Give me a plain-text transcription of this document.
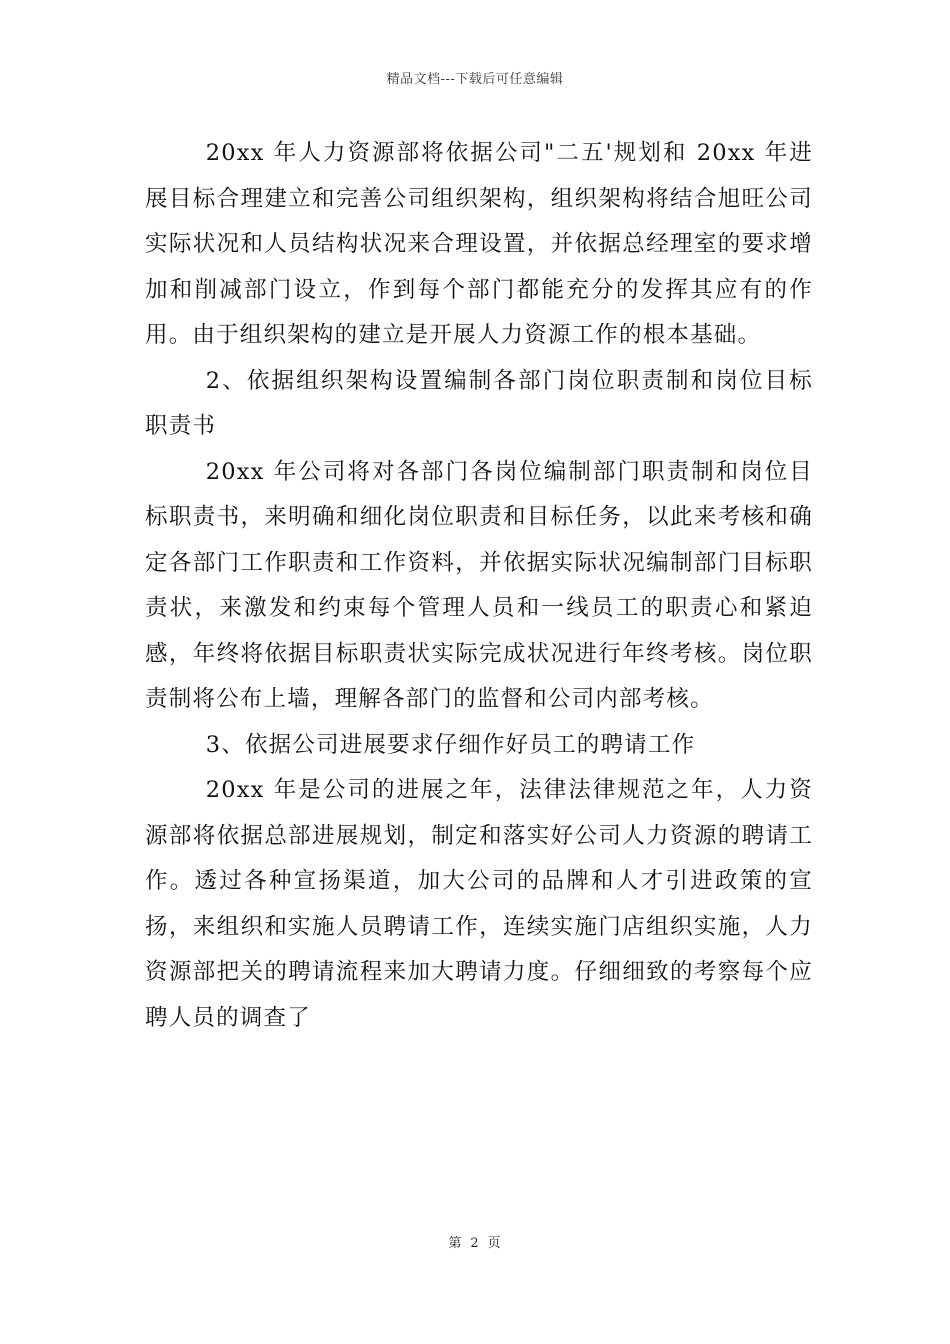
精品文档---下载后可任意编辑

20xx 年人力资源部将依据公司"二五'规划和 20xx 年进展目标合理建立和完善公司组织架构，组织架构将结合旭旺公司实际状况和人员结构状况来合理设置，并依据总经理室的要求增加和削减部门设立，作到每个部门都能充分的发挥其应有的作用。由于组织架构的建立是开展人力资源工作的根本基础。

2、依据组织架构设置编制各部门岗位职责制和岗位目标职责书

20xx 年公司将对各部门各岗位编制部门职责制和岗位目标职责书，来明确和细化岗位职责和目标任务，以此来考核和确定各部门工作职责和工作资料，并依据实际状况编制部门目标职责状，来激发和约束每个管理人员和一线员工的职责心和紧迫感，年终将依据目标职责状实际完成状况进行年终考核。岗位职责制将公布上墙，理解各部门的监督和公司内部考核。

3、依据公司进展要求仔细作好员工的聘请工作

20xx 年是公司的进展之年，法律法律规范之年，人力资源部将依据总部进展规划，制定和落实好公司人力资源的聘请工作。透过各种宣扬渠道，加大公司的品牌和人才引进政策的宣扬，来组织和实施人员聘请工作，连续实施门店组织实施，人力资源部把关的聘请流程来加大聘请力度。仔细细致的考察每个应聘人员的调查了

第 2 页
